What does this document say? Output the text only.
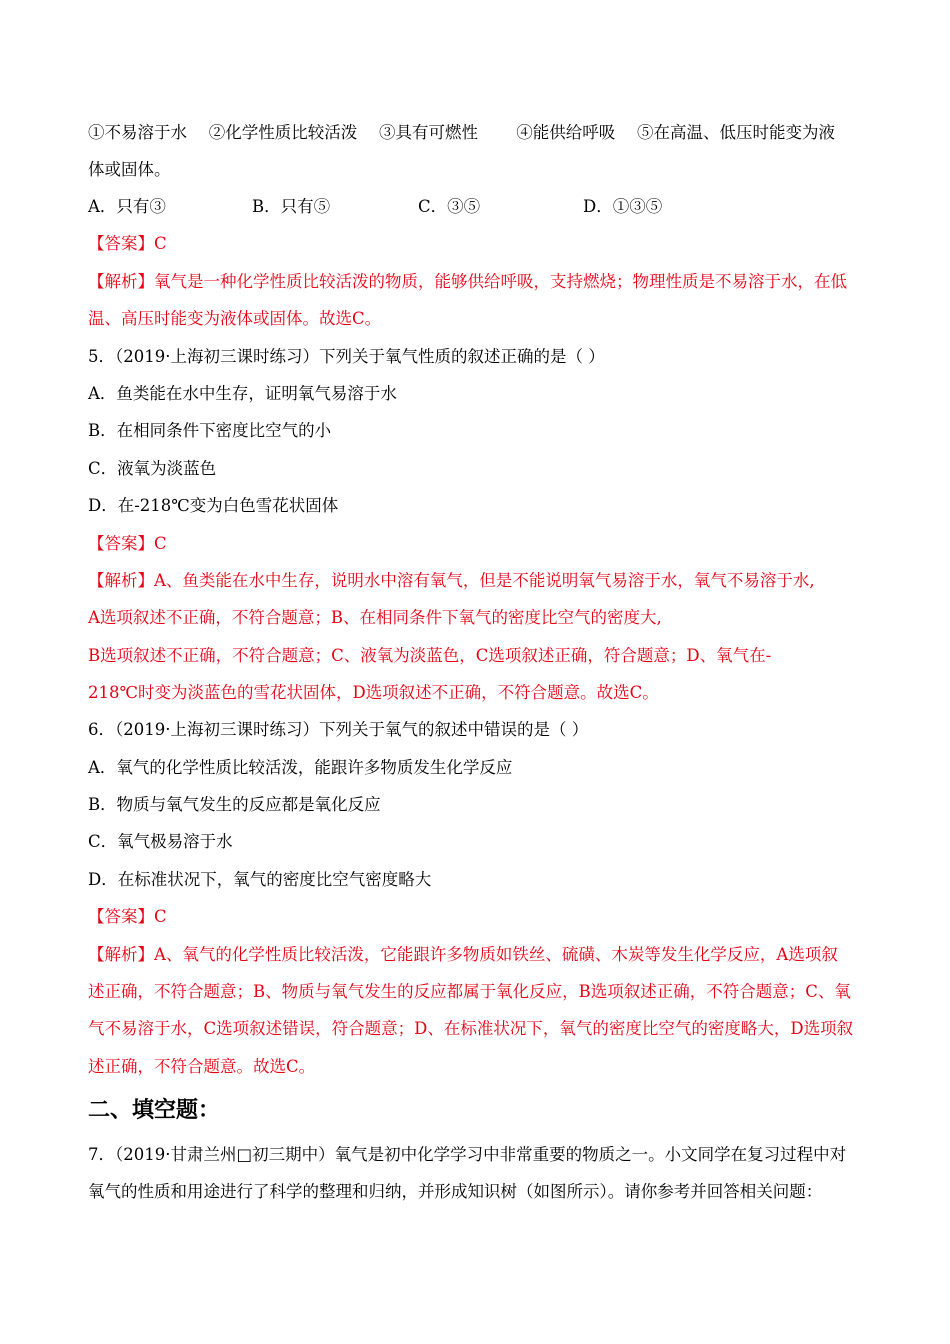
①不易溶于水　 ②化学性质比较活泼 　③具有可燃性 　　④能供给呼吸　 ⑤在高温、低压时能变为液
体或固体。
A．只有③	B．只有⑤	C．③⑤	D．①③⑤
【答案】C
【解析】氧气是一种化学性质比较活泼的物质，能够供给呼吸，支持燃烧；物理性质是不易溶于水，在低
温、高压时能变为液体或固体。故选C。
5．（2019·上海初三课时练习）下列关于氧气性质的叙述正确的是（ ）
A．鱼类能在水中生存，证明氧气易溶于水
B．在相同条件下密度比空气的小
C．液氧为淡蓝色
D．在-218℃变为白色雪花状固体
【答案】C
【解析】A、鱼类能在水中生存，说明水中溶有氧气，但是不能说明氧气易溶于水，氧气不易溶于水,
A选项叙述不正确，不符合题意；B、在相同条件下氧气的密度比空气的密度大,
B选项叙述不正确，不符合题意；C、液氧为淡蓝色，C选项叙述正确，符合题意；D、氧气在-
218℃时变为淡蓝色的雪花状固体，D选项叙述不正确，不符合题意。故选C。
6．（2019·上海初三课时练习）下列关于氧气的叙述中错误的是（ ）
A．氧气的化学性质比较活泼，能跟许多物质发生化学反应
B．物质与氧气发生的反应都是氧化反应
C．氧气极易溶于水
D．在标准状况下，氧气的密度比空气密度略大
【答案】C
【解析】A、氧气的化学性质比较活泼，它能跟许多物质如铁丝、硫磺、木炭等发生化学反应，A选项叙
述正确，不符合题意；B、物质与氧气发生的反应都属于氧化反应，B选项叙述正确，不符合题意；C、氧
气不易溶于水，C选项叙述错误，符合题意；D、在标准状况下，氧气的密度比空气的密度略大，D选项叙
述正确，不符合题意。故选C。
二、填空题：
7．（2019·甘肃兰州□初三期中）氧气是初中化学学习中非常重要的物质之一。小文同学在复习过程中对
氧气的性质和用途进行了科学的整理和归纳，并形成知识树（如图所示）。请你参考并回答相关问题：
